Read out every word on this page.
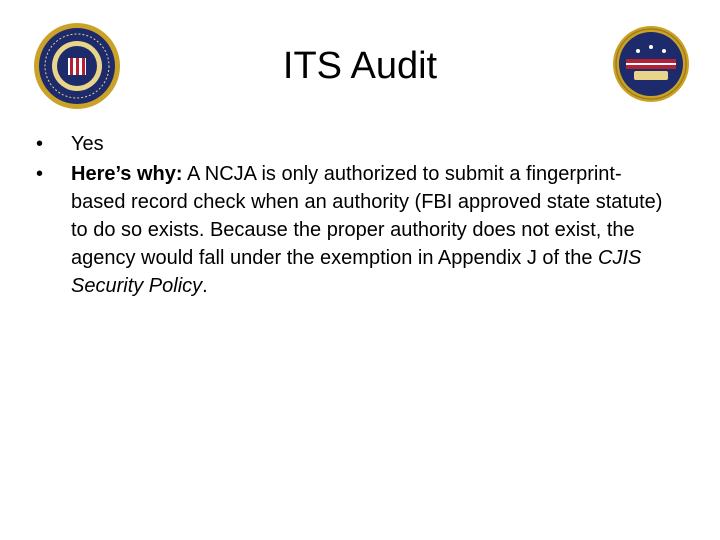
ITS Audit
•	Yes
•	Here’s why: A NCJA is only authorized to submit a fingerprint-based record check when an authority (FBI approved state statute) to do so exists. Because the proper authority does not exist, the agency would fall under the exemption in Appendix J of the CJIS Security Policy.
